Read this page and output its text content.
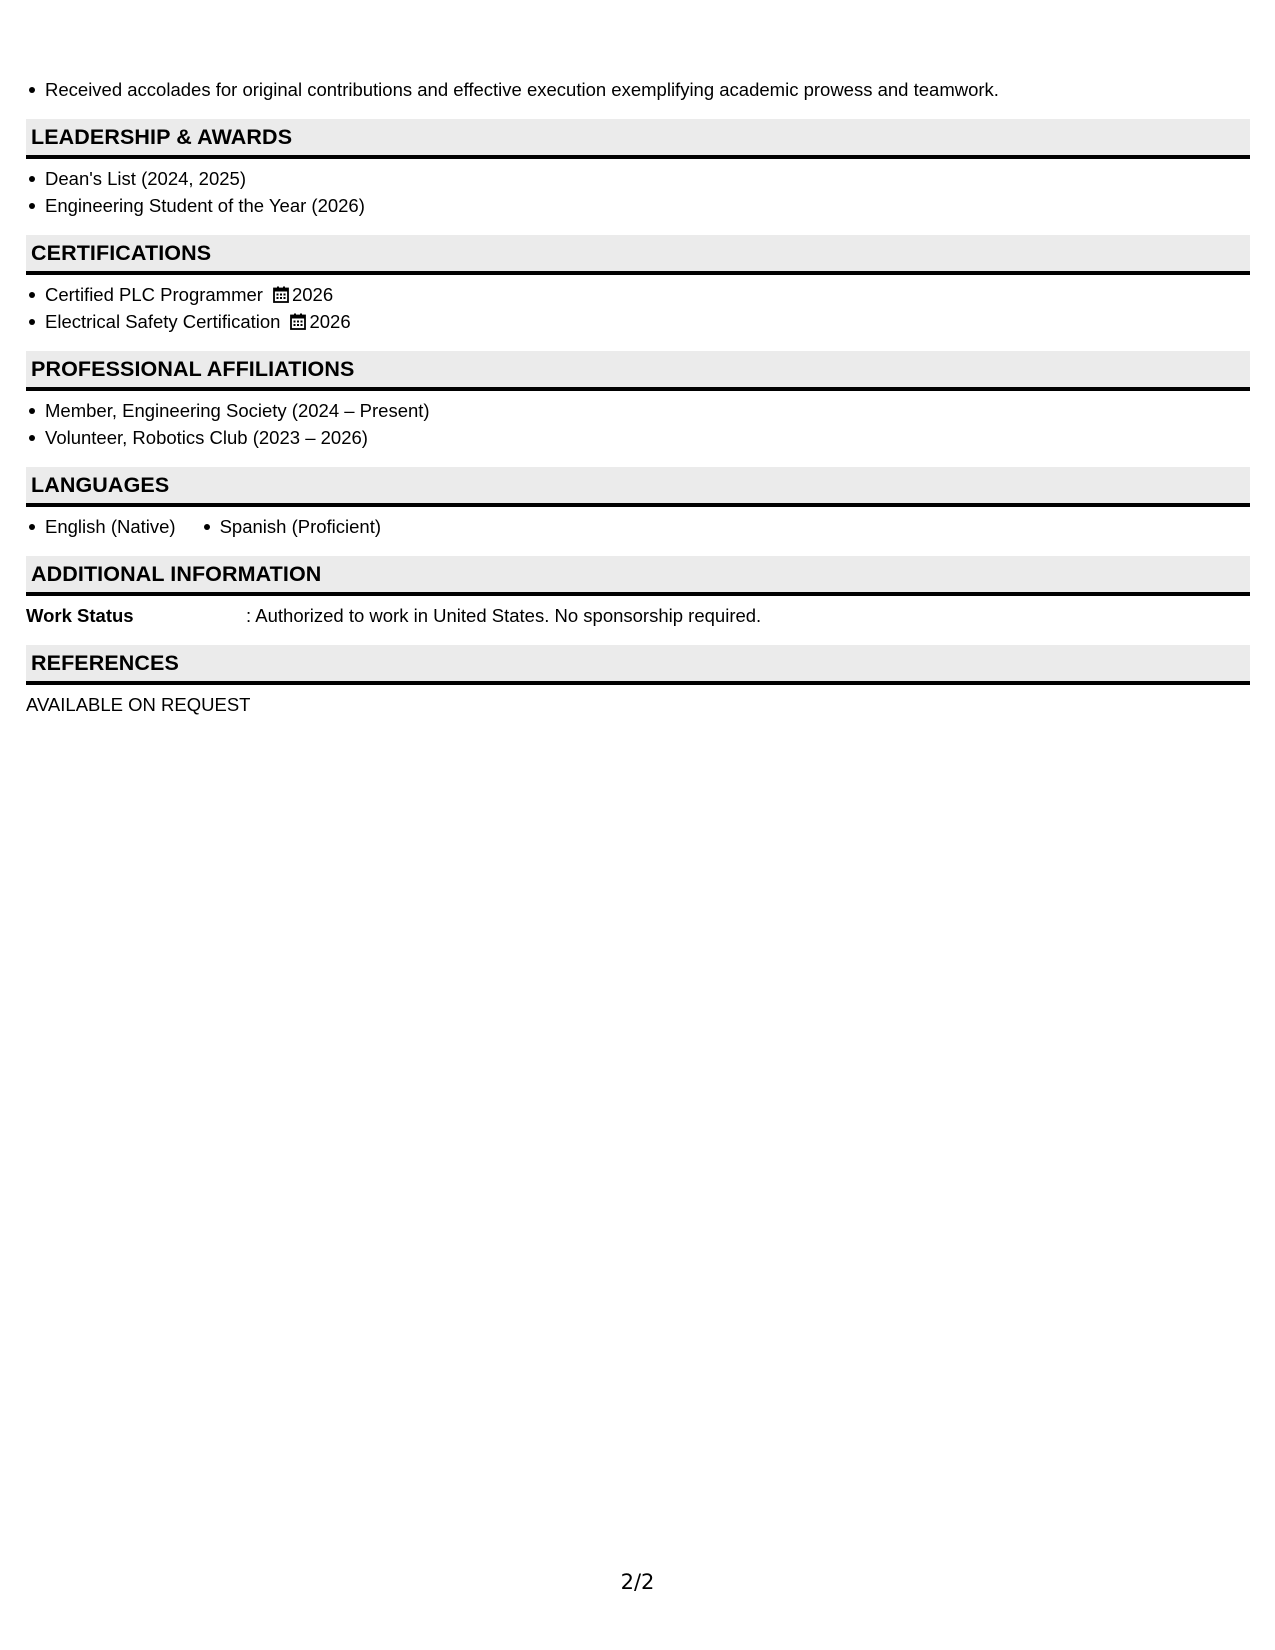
Received accolades for original contributions and effective execution exemplifying academic prowess and teamwork.
LEADERSHIP & AWARDS
Dean's List (2024, 2025)
Engineering Student of the Year (2026)
CERTIFICATIONS
Certified PLC Programmer 2026
Electrical Safety Certification 2026
PROFESSIONAL AFFILIATIONS
Member, Engineering Society (2024 – Present)
Volunteer, Robotics Club (2023 – 2026)
LANGUAGES
English (Native) Spanish (Proficient)
ADDITIONAL INFORMATION
Work Status	: Authorized to work in United States. No sponsorship required.
REFERENCES
AVAILABLE ON REQUEST
2/2
